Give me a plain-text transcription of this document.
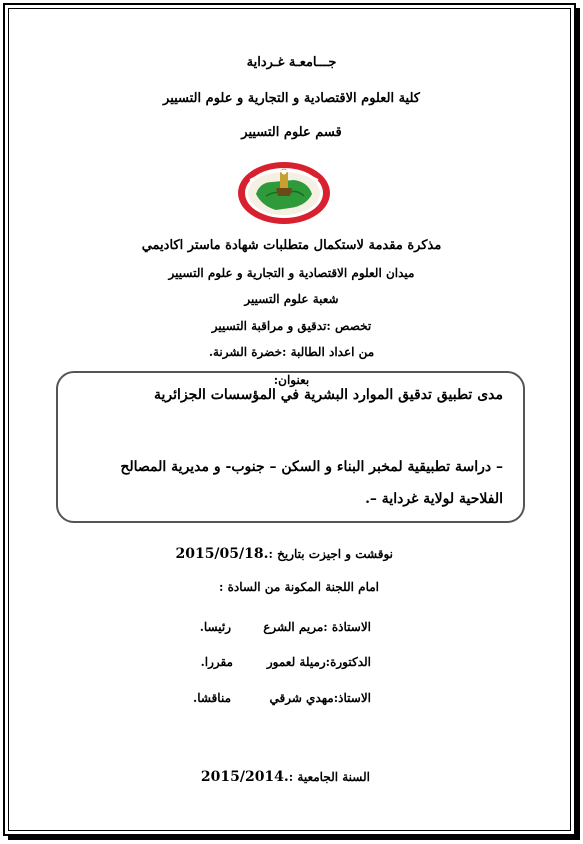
جـــامعـة غـرداية
كلية العلوم الاقتصادية و التجارية و علوم التسيير
قسم علوم التسيير
مذكرة مقدمة لاستكمال متطلبات شهادة ماستر اكاديمي
ميدان العلوم الاقتصادية و التجارية و علوم التسيير
شعبة علوم التسيير
تخصص :تدقيق و مراقبة التسيير
من اعداد الطالبة :خضرة الشرنة.
بعنوان:
مدى تطبيق تدقيق الموارد البشرية في المؤسسات الجزائرية
– دراسة تطبيقية لمخبر البناء و السكن – جنوب- و مديرية المصالح
الفلاحية لولاية غرداية –.
نوقشت و اجيزت بتاريخ :2015/05/18.
امام اللجنة المكونة من السادة :
الاستاذة :مريم الشرع
رئيسا.
الدكتورة:رميلة لعمور
مقررا.
الاستاذ:مهدي شرقي
مناقشا.
السنة الجامعية :2015/2014.
